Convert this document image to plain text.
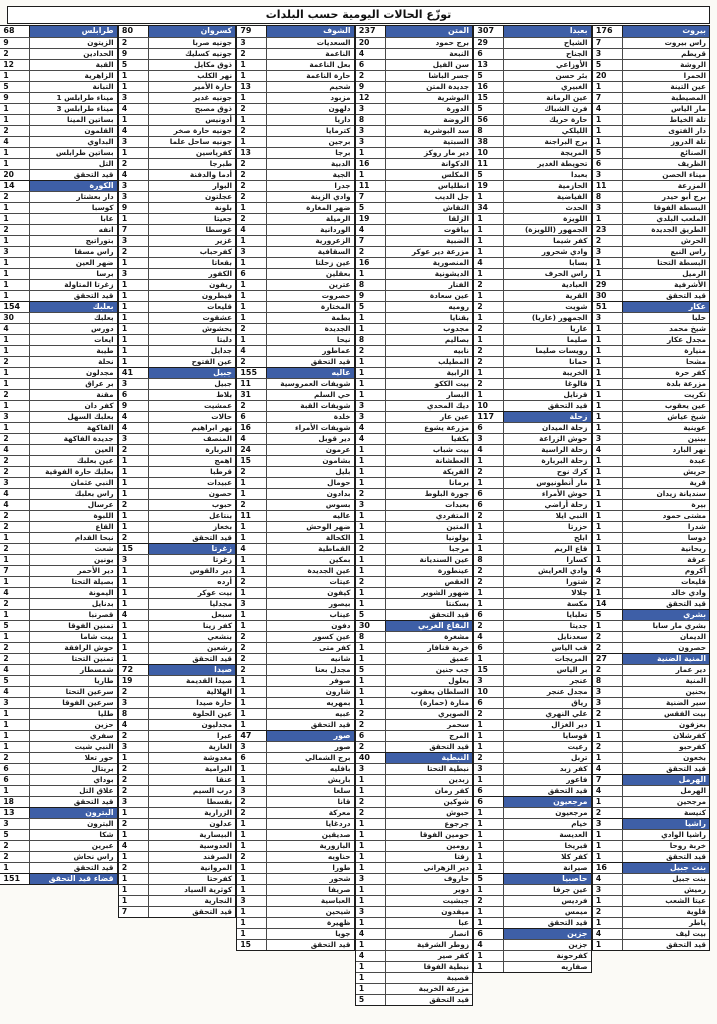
توزّع الحالات اليومية حسب البلدات
بيروت
176
راس بيروت
7
قريطم
3
الروشة
5
الحمرا
20
عين التينة
1
المصيطبة
7
مار الياس
4
تلة الخياط
1
دار الفتوى
1
تلة الدروز
1
الصنائع
5
الظريف
6
ميناء الحصن
3
المزرعة
11
برج أبو حيدر
8
البسطة الفوقا
3
الملعب البلدي
1
الطريق الجديدة
23
الحرش
2
راس النبع
3
البسطة التحتا
1
الرميل
1
الأشرفية
29
قيد التحقق
30
عكار
51
حلبا
3
شيخ محمد
1
مجدل عكار
1
منيارة
1
مشحا
1
كفر حرة
1
مزرعة بلدة
1
تكريت
1
عين يعقوب
1
شيخ عياش
1
عوينية
1
ببنين
3
نهر البارد
4
عبدة
1
حريش
1
قرية
1
سنديانة زيدان
1
بيرة
1
مشتى حمود
1
شدرا
1
دوسا
1
ريحانية
1
عرقة
1
أكروم
4
قليعات
2
وادي خالد
1
قيد التحقق
14
بشري
5
بشري مار سابا
1
الديمان
2
حصرون
2
المنية الضنية
27
دير عمار
2
المنية
8
بحنين
3
سير الضنية
3
بيت الفقس
2
بعزفون
1
كفرشلان
1
كفرحبو
2
بخعون
1
قيد التحقق
4
الهرمل
7
الهرمل
4
مرجحين
1
كنيسة
2
راشيا
3
راشيا الوادي
1
خربة روحا
1
قيد التحقق
1
بنت جبيل
16
بنت جبيل
4
رميش
3
عيتا الشعب
1
قلوية
2
ياطر
1
بيت ليف
4
قيد التحقق
1
بعبدا
307
الشياح
29
الجناح
6
الأوزاعي
13
بئر حسن
5
الغبيري
16
عين الرمانة
15
فرن الشباك
5
حارة حريك
56
الليلكي
8
برج البراجنة
38
المريجة
10
تحويطة الغدير
11
بعبدا
5
الحازمية
19
الفياضية
1
الحدث
34
اللويزة
1
الجمهور (اللويزة)
1
كفر شيما
1
وادي شحرور
1
بسابا
4
راس الحرف
1
العبادية
2
القرية
1
شويت
2
الجمهور (عاريا)
1
عاريا
2
صليما
1
رويسات صليما
2
حمانا
2
الخريبة
1
فالوغا
2
قرنايل
1
قيد التحقق
10
زحلة
117
زحلة الميدان
6
حوش الزراعة
3
زحلة الراسية
4
زحلة البربارة
1
كرك نوح
2
مار أنطونيوس
1
حوش الأمراء
6
زحلة أراضي
6
النبي ايلا
2
حزرتا
1
ابلح
1
قاع الريم
1
كسارا
8
وادي العرايش
2
شتورا
2
جلالا
1
مكسة
1
تعلبايا
6
جديتا
2
سعدنايل
4
قب الياس
6
المريجات
1
بر الياس
15
عنجر
3
مجدل عنجر
10
رياق
6
علي النهري
2
دير الغزال
1
قوسايا
1
رعيت
1
تربل
2
كفر زبد
3
فاعور
1
قيد التحقق
6
مرجعيون
6
مرجعيون
1
خيام
1
العديسة
1
قبريخا
1
كفر كلا
1
صيرانة
1
حاصبيا
5
عين جرفا
1
فرديس
2
ميمس
1
قيد التحقق
1
جزين
6
جزين
4
كفرحونة
1
صفاريه
1
المتن
237
برج حمود
20
النبعة
4
سن الفيل
6
جسر الباشا
2
جديدة المتن
9
البوشرية
12
الدورة
3
الروضة
8
سد البوشرية
3
السبتية
3
دير مار روكز
1
الدكوانة
16
المكلس
1
انطلياس
11
جل الديب
7
النقاش
5
الزلقا
19
بياقوت
4
الضبية
7
مزرعة دير عوكر
2
المنصورية
16
الديشونية
1
الفنار
8
عين سعادة
9
روميه
5
بقنايا
1
مجدوب
1
بصاليم
8
نابيه
2
المطيلب
1
الرابية
1
بيت الككو
1
البسار
1
ديك المحدي
3
عين عار
3
مزرعة يشوع
4
بكفيا
4
بيت شباب
1
العطشانة
1
الفريكة
1
برمانا
1
جورة البلوط
2
بعبدات
3
المتفردي
1
المتين
1
بولونيا
1
مرجبا
2
عين السنديانة
1
عينطورة
1
العقص
2
ضهور الشوير
1
بسكنتا
1
قيد التحقق
5
البقاع الغربي
30
مشغرة
8
خربة قنافار
1
عميق
1
جب جنين
5
بعلول
1
السلطان يعقوب
1
منارة (حمارة)
1
الصويري
2
سحمر
2
المرج
6
قيد التحقق
2
النبطية
40
نبطية التحتا
3
زبدين
1
كفر رمان
1
شوكين
2
حبوش
2
جرجوع
1
حومين الفوقا
1
رومين
1
زفتا
1
دير الزهراني
1
حاروف
3
دوير
1
جبشيت
1
ميفدون
3
عبا
1
انصار
4
زوطر الشرقية
1
كفر صير
4
نبطية الفوقا
1
قصيبة
1
مزرعة الخريبة
1
قيد التحقق
5
الشوف
79
السعديات
3
الناعمة
2
بعل الناعمة
1
حارة الناعمة
1
شحيم
13
مزبود
1
دلهون
2
داريا
1
كترمايا
2
برجين
1
برجا
13
الدبية
2
الجية
2
جدرا
2
وادي الزينة
2
ضهر المغارة
1
الرميلة
2
الوردانية
4
الزعرورية
1
السقافية
3
عين زحلتا
1
بعقلين
6
عترين
1
حصروت
1
المختارة
1
بطمة
1
الجديدة
2
نيحا
1
عماطور
4
قيد التحقق
2
عاليه
155
شويفات العمروسية
11
حي السلم
31
شويفات القبة
2
خلدة
6
شويفات الأمراء
16
دير قوبل
4
عرمون
24
بشامون
15
بليل
2
حومال
1
بدادون
1
بسوس
2
عاليه
11
ضهر الوحش
1
الكحالة
1
القماطية
4
بمكين
1
عين الجديدة
1
عيتات
2
كيفون
1
بيصور
3
عيناب
1
دفون
1
عين كسور
2
كفر متى
2
شانيه
2
مجدل بعنا
2
صوفر
1
شارون
1
بمهريه
1
عبيه
1
قيد التحقق
1
صور
47
صور
3
برج الشمالي
6
بافليه
1
باريش
1
سلعا
3
قانا
2
معركة
2
دردغايا
1
صديقين
1
البازورية
1
حناويه
2
طورا
1
شحور
1
صريفا
1
العباسية
3
شيحين
1
ظهيرة
1
جويا
1
قيد التحقق
15
كسروان
80
جونيه صربا
2
جونيه كسليك
9
ذوق مكايل
5
نهر الكلب
1
حارة الأمير
1
جونيه غدير
3
ذوق مصبح
4
أدونيس
1
جونيه حارة صخر
4
جونيه ساحل علما
3
كفرياسين
1
طبرجا
2
أدما والدفنة
4
البوار
3
عجلتون
3
بلونة
9
جعيتا
1
غوسطا
7
غزير
3
كفرحباب
2
بقعاتا
1
الكفور
3
ريفون
1
فيطرون
1
قليعات
1
عشقوت
1
يحشوش
1
دلبتا
1
جدايل
1
عين الفتوح
1
جبيل
41
جبيل
3
بلاط
6
عمشيت
9
حالات
4
نهر ابراهيم
4
المنصف
3
البربارة
2
اهمج
1
قرطبا
1
عبيدات
1
حصون
1
حبوب
2
بنتاعل
1
بخعاز
1
قيد التحقق
2
زغرتا
15
زغرتا
3
دير دالقوس
1
أرده
1
بيت عوكر
1
مجدليا
1
سبعل
4
كفر زينا
1
بنشعي
1
رشعين
1
قيد التحقق
1
صيدا
72
صيدا القديمة
19
الهلالية
2
حارة صيدا
3
عين الحلوة
8
مجدليون
4
عبرا
2
الغازية
3
مغدوشة
1
البرامية
2
عنقا
2
درب السيم
2
بقسطا
3
الزرارية
1
عدلون
2
البيسارية
1
العدوسية
4
الصرفند
1
المروانية
2
كفرحتا
1
كوثرية السياد
1
النجارية
1
قيد التحقق
7
طرابلس
68
الزيتون
9
الحدادين
2
القبة
12
الزاهرية
1
التبانة
5
ميناء طرابلس 1
9
ميناء طرابلس 3
1
بساتين المينا
1
القلمون
2
البداوي
4
بساتين طرابلس
1
التل
1
قيد التحقق
20
الكورة
14
دار بعشتار
2
كوسبا
1
عابا
1
انفه
2
بتوراتيج
1
راس مسقا
3
ضهر العين
1
برسا
1
زغرتا المتاولة
1
قيد التحقق
1
بعلبك
154
بعلبك
30
دورس
4
ايعات
1
طيبة
1
نحلة
2
مجدلون
1
بر عراق
1
مقنة
2
كفر دان
1
بعلبك السهل
3
الفاكهة
1
جديدة الفاكهة
2
العين
4
عين بعلبك
2
بعلبك حارة الفوقية
2
النبي عثمان
3
راس بعلبك
4
عرسال
4
اللبوة
2
القاع
2
نبحا القدام
1
شعث
2
يونين
1
دير الأحمر
7
بصيلة التحتا
1
اليمونة
4
بدنايل
2
قصرنبا
1
تمنين الفوقا
5
بيت شاما
1
حوش الرافقة
2
تمنين التحتا
2
شمسطار
4
طاريا
5
سرعين التحتا
4
سرعين الفوقا
3
طليا
1
حزين
1
سفري
1
النبي شيت
1
حور تعلا
2
بريتال
6
بوداي
6
علاق التل
1
قيد التحقق
18
البترون
13
البترون
3
شكا
5
عبرين
2
راس نحاش
2
قيد التحقق
1
قضاء قيد التحقق
151
